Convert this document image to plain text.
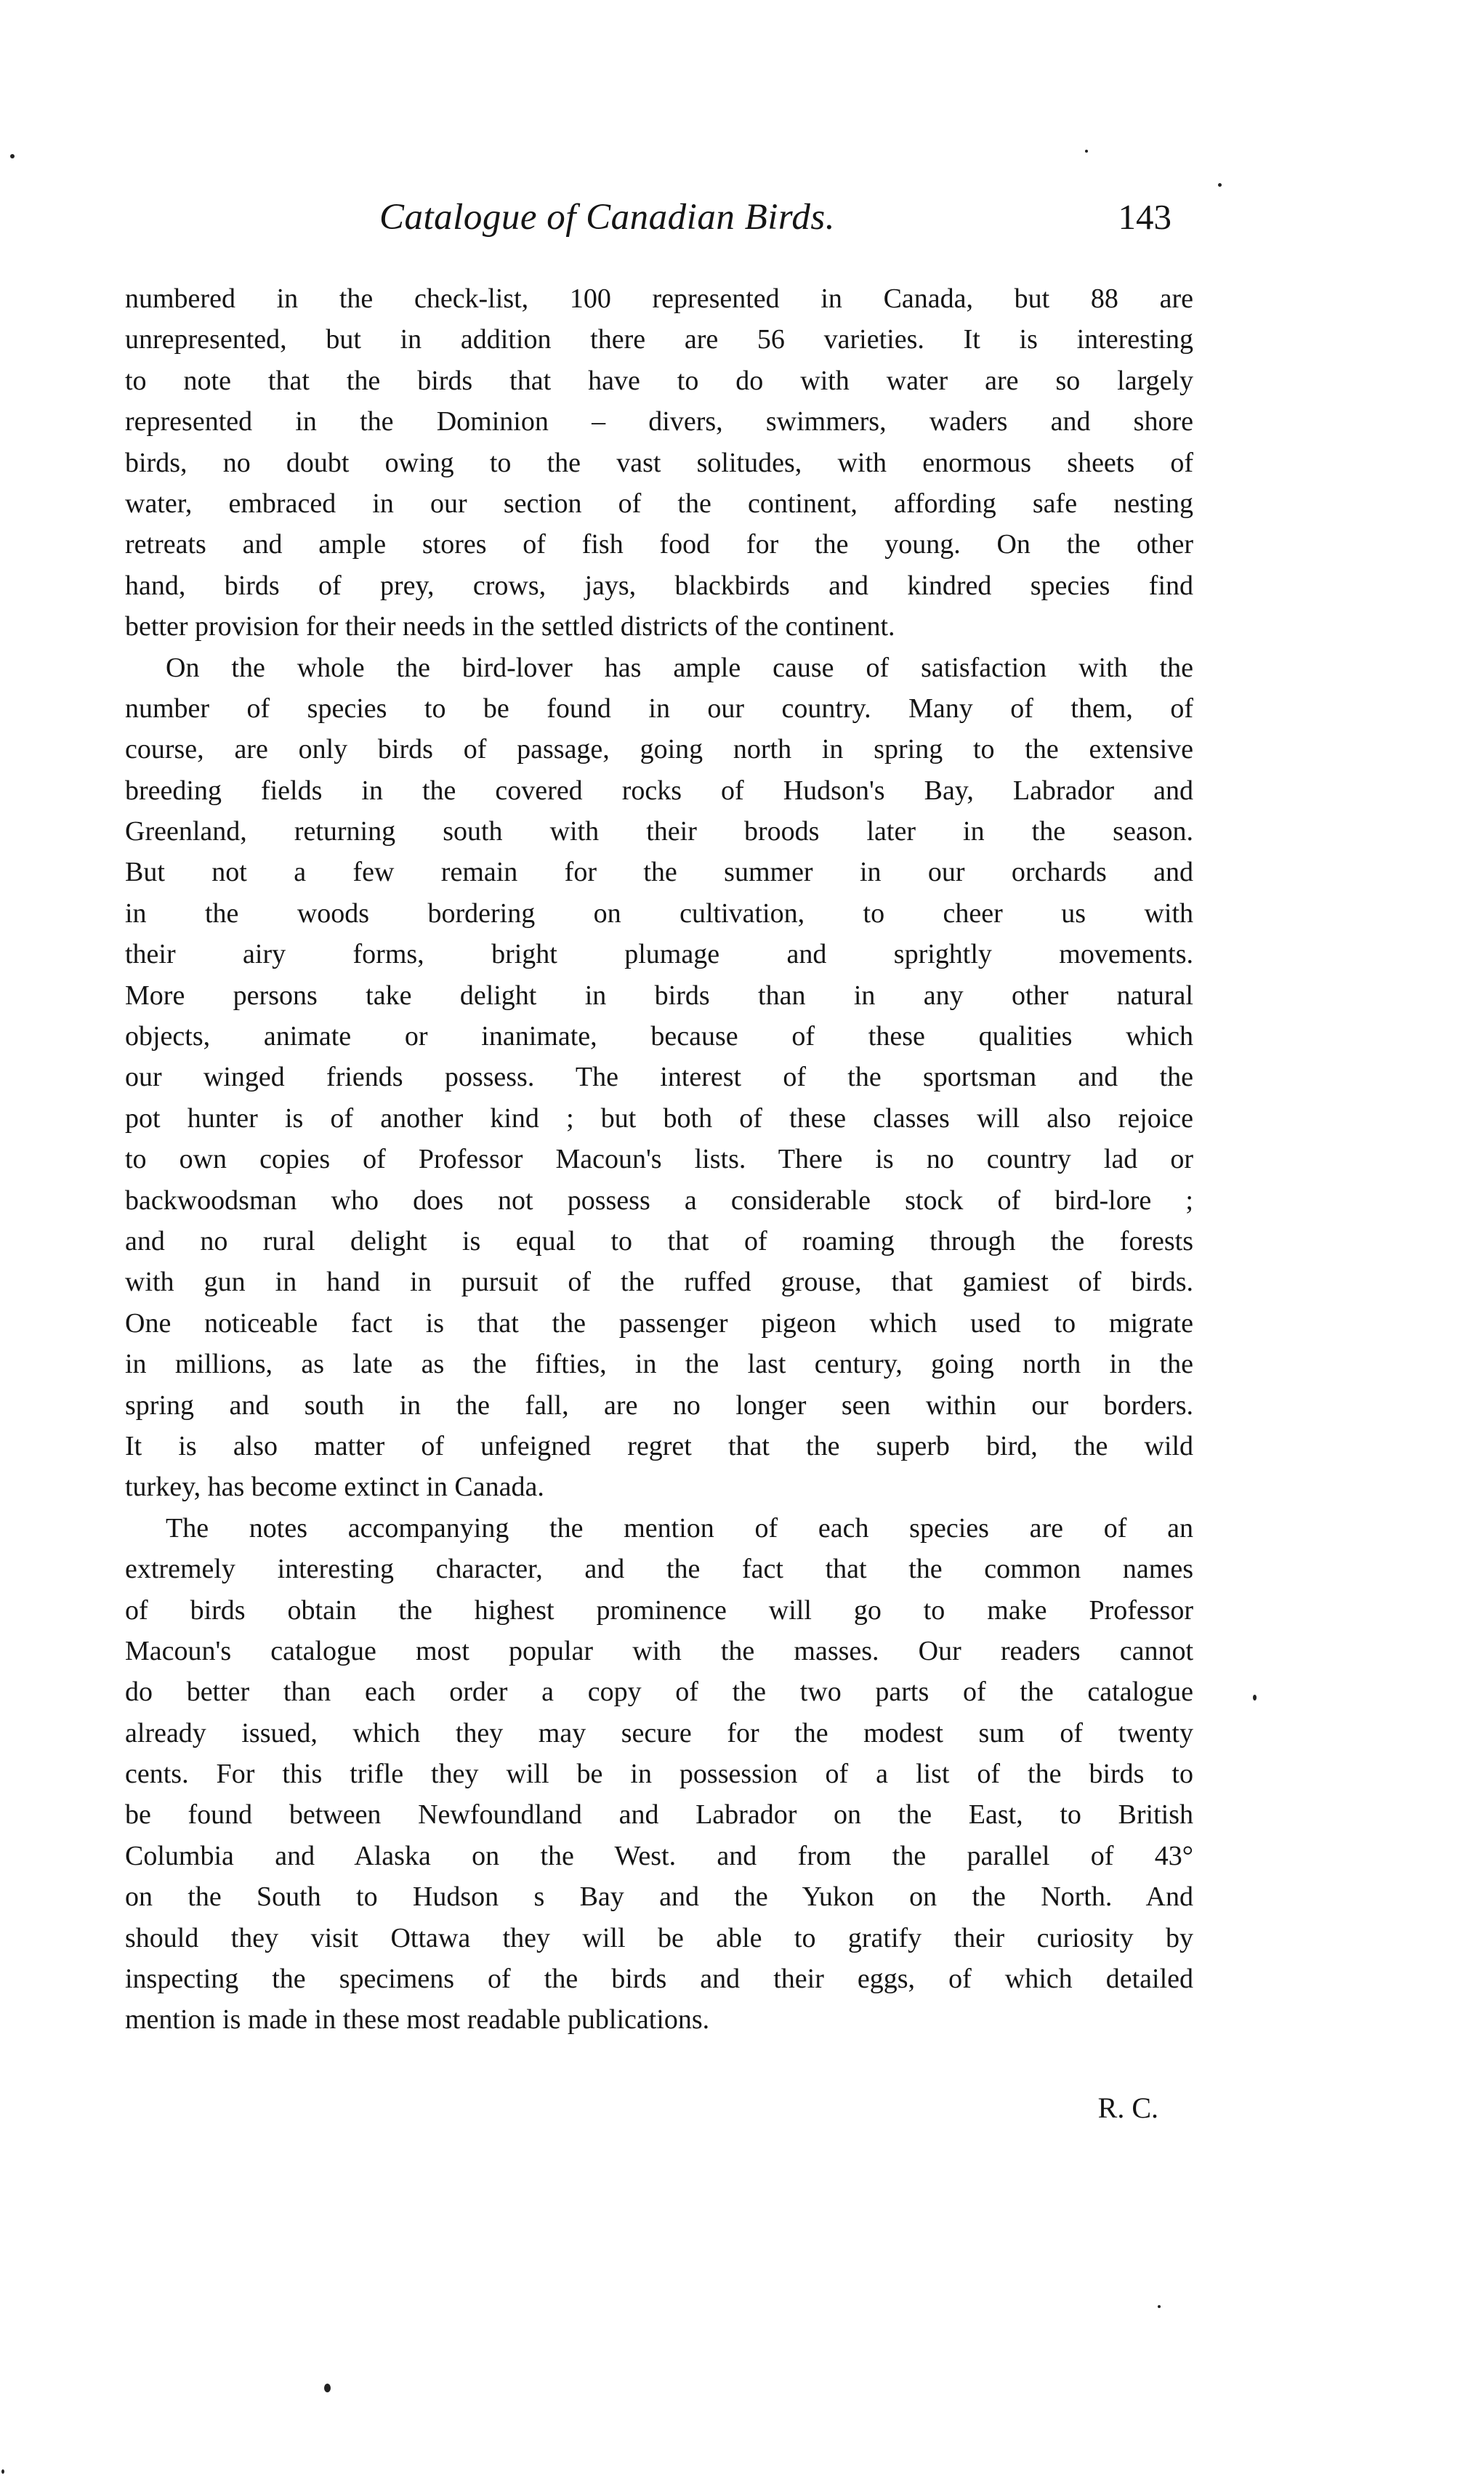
Catalogue of Canadian Birds.	143
numbered in the check-list, 100 represented in Canada, but 88 are
unrepresented, but in addition there are 56 varieties. It is interesting
to note that the birds that have to do with water are so largely
represented in the Dominion – divers, swimmers, waders and shore
birds, no doubt owing to the vast solitudes, with enormous sheets of
water, embraced in our section of the continent, affording safe nesting
retreats and ample stores of fish food for the young. On the other
hand, birds of prey, crows, jays, blackbirds and kindred species find
better provision for their needs in the settled districts of the continent.
On the whole the bird-lover has ample cause of satisfaction with the
number of species to be found in our country. Many of them, of
course, are only birds of passage, going north in spring to the extensive
breeding fields in the covered rocks of Hudson's Bay, Labrador and
Greenland, returning south with their broods later in the season.
But not a few remain for the summer in our orchards and
in the woods bordering on cultivation, to cheer us with
their airy forms, bright plumage and sprightly movements.
More persons take delight in birds than in any other natural
objects, animate or inanimate, because of these qualities which
our winged friends possess. The interest of the sportsman and the
pot hunter is of another kind ; but both of these classes will also rejoice
to own copies of Professor Macoun's lists. There is no country lad or
backwoodsman who does not possess a considerable stock of bird-lore ;
and no rural delight is equal to that of roaming through the forests
with gun in hand in pursuit of the ruffed grouse, that gamiest of birds.
One noticeable fact is that the passenger pigeon which used to migrate
in millions, as late as the fifties, in the last century, going north in the
spring and south in the fall, are no longer seen within our borders.
It is also matter of unfeigned regret that the superb bird, the wild
turkey, has become extinct in Canada.
The notes accompanying the mention of each species are of an
extremely interesting character, and the fact that the common names
of birds obtain the highest prominence will go to make Professor
Macoun's catalogue most popular with the masses. Our readers cannot
do better than each order a copy of the two parts of the catalogue
already issued, which they may secure for the modest sum of twenty
cents. For this trifle they will be in possession of a list of the birds to
be found between Newfoundland and Labrador on the East, to British
Columbia and Alaska on the West. and from the parallel of 43°
on the South to Hudson s Bay and the Yukon on the North. And
should they visit Ottawa they will be able to gratify their curiosity by
inspecting the specimens of the birds and their eggs, of which detailed
mention is made in these most readable publications.
R. C.
